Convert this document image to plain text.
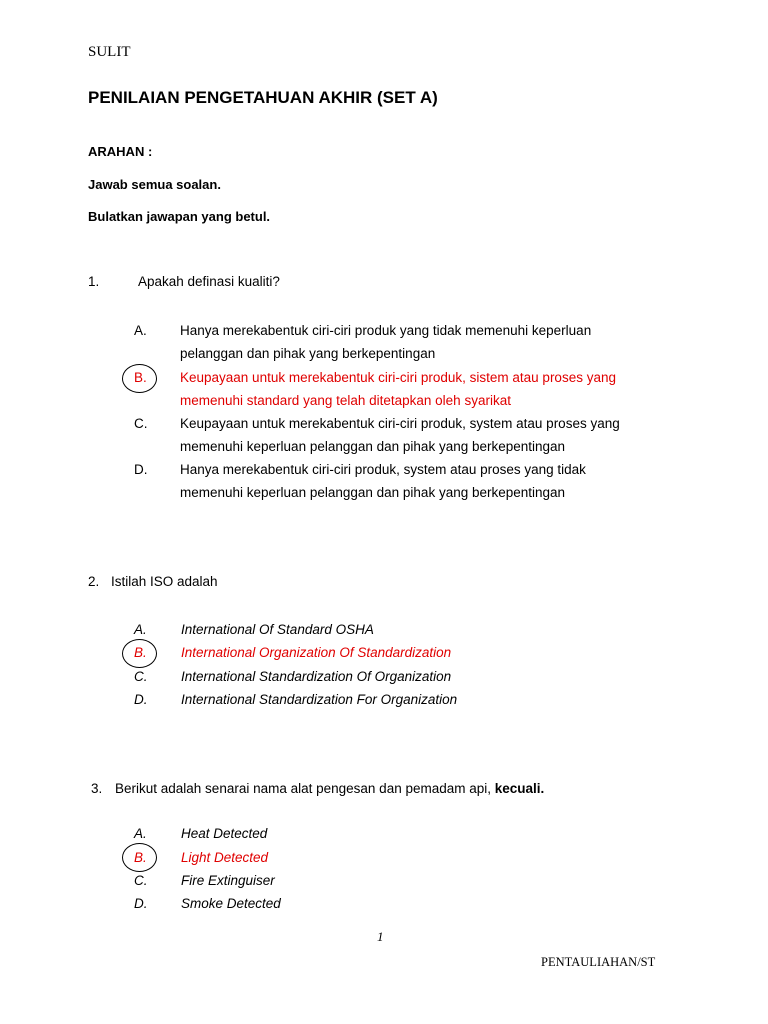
SULIT
PENILAIAN PENGETAHUAN AKHIR (SET A)
ARAHAN :
Jawab semua soalan.
Bulatkan jawapan yang betul.
1.	Apakah definasi kualiti?
A. Hanya merekabentuk ciri-ciri produk yang tidak memenuhi keperluan pelanggan dan pihak yang berkepentingan
B. Keupayaan untuk merekabentuk ciri-ciri produk, sistem atau proses yang memenuhi standard yang telah ditetapkan oleh syarikat
C. Keupayaan untuk merekabentuk ciri-ciri produk, system atau proses yang memenuhi keperluan pelanggan dan pihak yang berkepentingan
D. Hanya merekabentuk ciri-ciri produk, system atau proses yang tidak memenuhi keperluan pelanggan dan pihak yang berkepentingan
2. Istilah ISO adalah
A.	International Of Standard OSHA
B.	International Organization Of Standardization
C. International Standardization Of Organization
D. International Standardization For Organization
3. Berikut adalah senarai nama alat pengesan dan pemadam api, kecuali.
A.	Heat Detected
B.	Light Detected
C. Fire Extinguiser
D. Smoke Detected
1
PENTAULIAHAN/ST
